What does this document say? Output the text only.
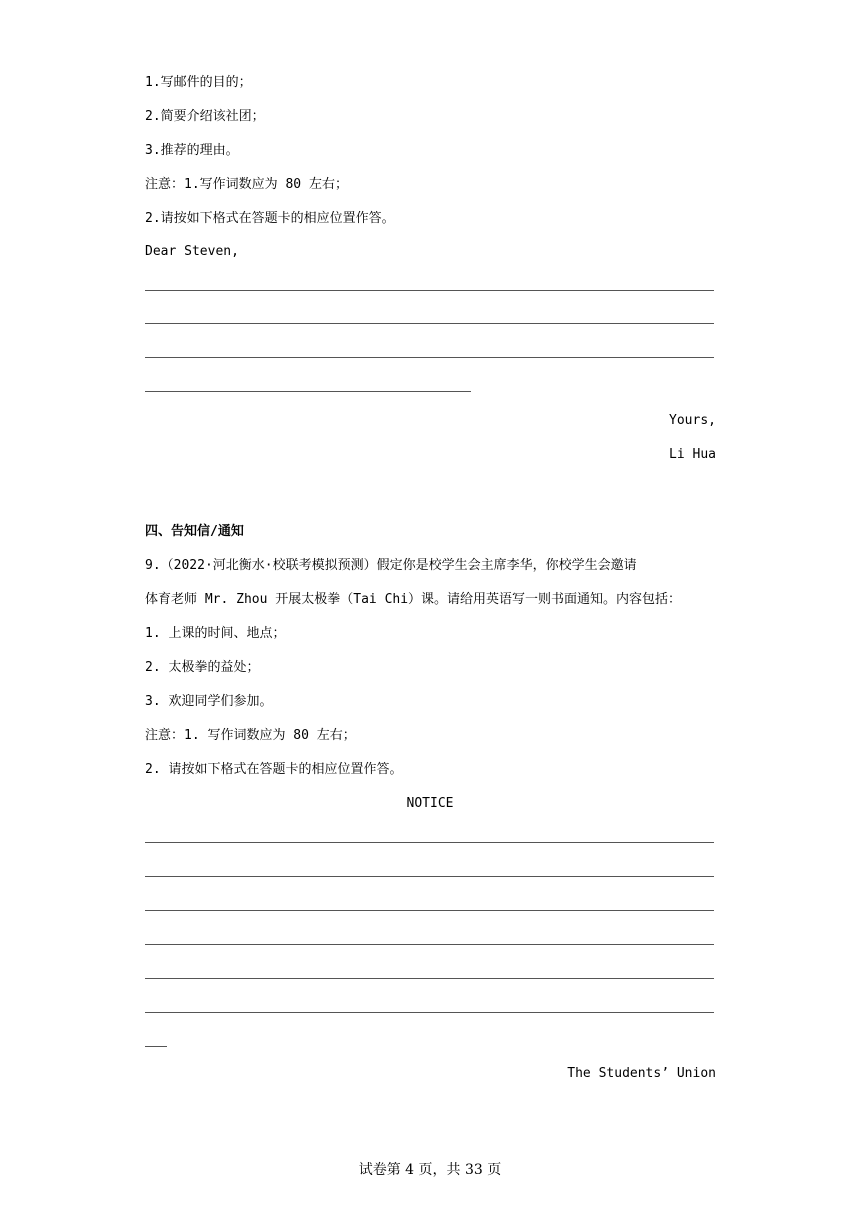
1.写邮件的目的；
2.简要介绍该社团；
3.推荐的理由。
注意：1.写作词数应为 80 左右；
2.请按如下格式在答题卡的相应位置作答。
Dear Steven,
Yours,
Li Hua
四、告知信/通知
9.（2022·河北衡水·校联考模拟预测）假定你是校学生会主席李华，你校学生会邀请
体育老师 Mr. Zhou 开展太极拳（Tai Chi）课。请给用英语写一则书面通知。内容包括：
1. 上课的时间、地点；
2. 太极拳的益处；
3. 欢迎同学们参加。
注意：1. 写作词数应为 80 左右；
2. 请按如下格式在答题卡的相应位置作答。
NOTICE
The Students’ Union
试卷第 4 页，共 33 页
